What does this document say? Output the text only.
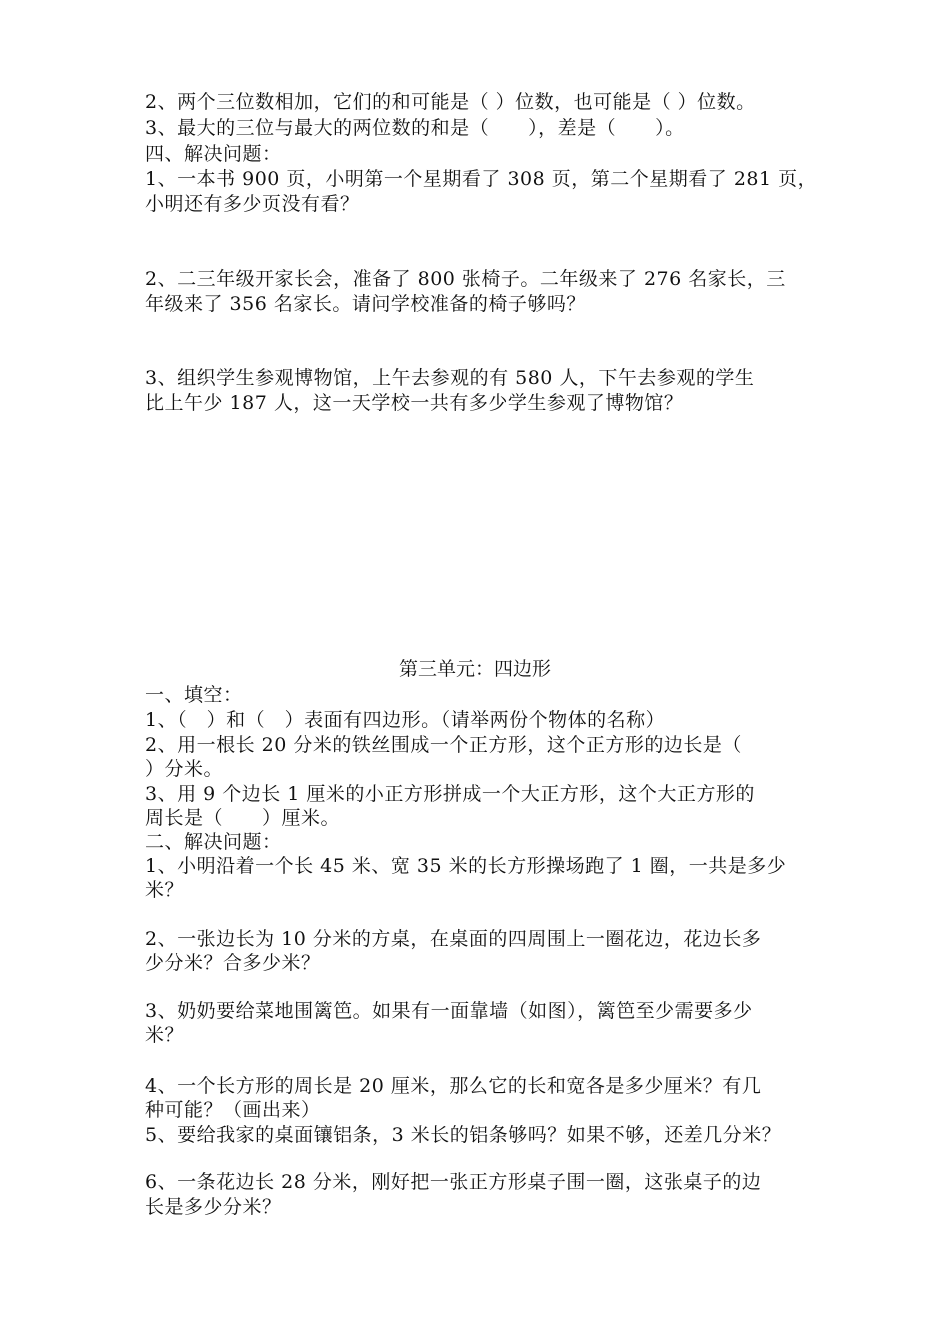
2、两个三位数相加，它们的和可能是（ ）位数，也可能是（ ）位数。
3、最大的三位与最大的两位数的和是（　　），差是（　　）。
四、解决问题：
1、一本书 900 页，小明第一个星期看了 308 页，第二个星期看了 281 页，
小明还有多少页没有看？
2、二三年级开家长会，准备了 800 张椅子。二年级来了 276 名家长，三
年级来了 356 名家长。请问学校准备的椅子够吗？
3、组织学生参观博物馆，上午去参观的有 580 人，下午去参观的学生
比上午少 187 人，这一天学校一共有多少学生参观了博物馆？
第三单元：四边形
一、填空：
1、（　）和（　）表面有四边形。（请举两份个物体的名称）
2、用一根长 20 分米的铁丝围成一个正方形，这个正方形的边长是（
）分米。
3、用 9 个边长 1 厘米的小正方形拼成一个大正方形，这个大正方形的
周长是（　　）厘米。
二、解决问题：
1、小明沿着一个长 45 米、宽 35 米的长方形操场跑了 1 圈，一共是多少
米？
2、一张边长为 10 分米的方桌，在桌面的四周围上一圈花边，花边长多
少分米？合多少米？
3、奶奶要给菜地围篱笆。如果有一面靠墙（如图），篱笆至少需要多少
米？
4、一个长方形的周长是 20 厘米，那么它的长和宽各是多少厘米？有几
种可能？（画出来）
5、要给我家的桌面镶铝条，3 米长的铝条够吗？如果不够，还差几分米？
6、一条花边长 28 分米，刚好把一张正方形桌子围一圈，这张桌子的边
长是多少分米？
